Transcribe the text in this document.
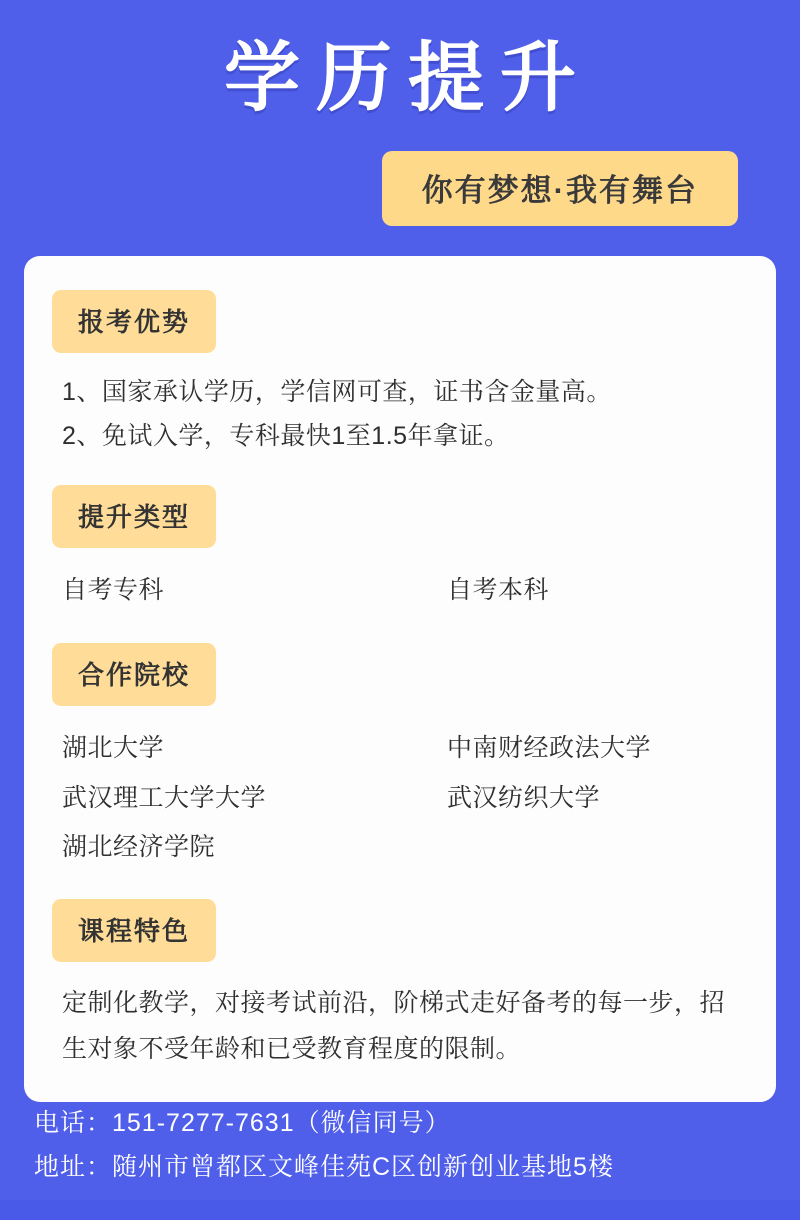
学历提升
你有梦想·我有舞台
报考优势
1、国家承认学历，学信网可查，证书含金量高。
2、免试入学，专科最快1至1.5年拿证。
提升类型
自考专科	自考本科
合作院校
湖北大学
武汉理工大学大学
湖北经济学院
中南财经政法大学
武汉纺织大学
课程特色
定制化教学，对接考试前沿，阶梯式走好备考的每一步，招生对象不受年龄和已受教育程度的限制。
电话：151-7277-7631（微信同号）
地址：随州市曾都区文峰佳苑C区创新创业基地5楼
